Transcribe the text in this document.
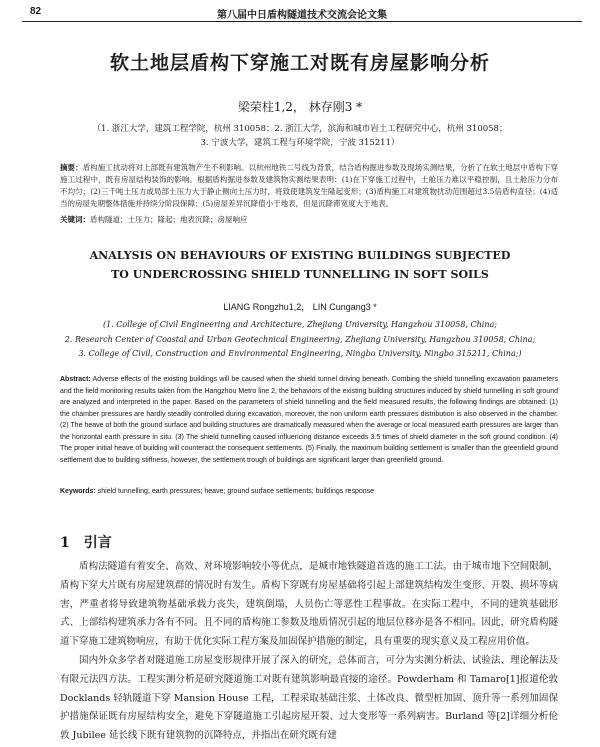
82	第八届中日盾构隧道技术交流会论文集
软土地层盾构下穿施工对既有房屋影响分析
梁荣柱1,2， 林存刚3 *
（1. 浙江大学，建筑工程学院，杭州 310058；2. 浙江大学，滨海和城市岩土工程研究中心，杭州 310058；
3. 宁波大学，建筑工程与环境学院，宁波 315211）
摘要：盾构施工扰动将对上部既有建筑物产生不利影响。以杭州地铁二号线为背景，结合盾构掘进参数及现场实测结果，分析了在软土地层中盾构下穿施工过程中，既有房屋结构装饰的影响。根据盾构掘进参数及建筑物实测结果表明：(1)在下穿施工过程中，土舱压力难以平稳控制，且土舱压力分布不均匀；(2)三千吨土压力或局部土压力大于静止侧向土压力时，将致使建筑发生隆起变形；(3)盾构施工对建筑物扰动范围超过3.5倍盾构直径；(4)适当的房屋先期整体措施并持续分阶段保障；(5)房屋差异沉降值小于地表，但是沉降滞宽度大于地表。
关键词：盾构隧道；土压力；隆起；地表沉降；房屋响应
ANALYSIS ON BEHAVIOURS OF EXISTING BUILDINGS SUBJECTED
TO UNDERCROSSING SHIELD TUNNELLING IN SOFT SOILS
LIANG Rongzhu1,2， LIN Cungang3 *
(1. College of Civil Engineering and Architecture, Zhejiang University, Hangzhou 310058, China;
2. Research Center of Coastal and Urban Geotechnical Engineering, Zhejiang University, Hangzhou 310058, China;
3. College of Civil, Construction and Environmental Engineering, Ningbo University, Ningbo 315211, China;)
Abstract: Adverse effects of the existing buildings will be caused when the shield tunnel driving beneath. Combing the shield tunnelling excavation parameters and the field monitoring results taken from the Hangzhou Metro line 2, the behaviors of the existing building structures induced by shield tunnelling in soft ground are analyzed and interpreted in the paper. Based on the parameters of shield tunnelling and the field measured results, the following findings are obtained: (1) the chamber pressures are hardly steadily controlled during excavation, moreover, the non uniform earth pressures distribution is also observed in the chamber. (2) The heave of both the ground surface and building structures are dramatically measured when the average or local measured earth pressures are larger than the horizontal earth pressure in situ. (3) The shield tunnelling caused influencing distance exceeds 3.5 times of shield diameter in the soft ground condition. (4) The proper initial heave of building will counteract the consequent settlements. (5) Finally, the maximum building settlement is smaller than the greenfield ground settlement due to building stiffness, however, the settlement trough of buildings are significant larger than greenfield ground.
Keywords: shield tunnelling; earth pressures; heave; ground surface settlements; buildings response
1 引言

盾构法隧道有着安全、高效、对环境影响较小等优点，是城市地铁隧道首选的施工工法。由于城市地下空间限制，盾构下穿大片既有房屋建筑群的情况时有发生。盾构下穿既有房屋基础将引起上部建筑结构发生变形、开裂、损坏等病害，严重者将导致建筑物基础承载力丧失，建筑倒塌，人员伤亡等恶性工程事故。在实际工程中，不同的建筑基础形式、上部结构建筑承力各有不同。且不同的盾构施工参数及地质情况引起的地层位移亦是各不相同。因此，研究盾构隧道下穿施工建筑物响应，有助于优化实际工程方案及加固保护措施的制定，具有重要的现实意义及工程应用价值。

国内外众多学者对隧道施工房屋变形规律开展了深入的研究，总体而言，可分为实测分析法、试验法、理论解法及有限元法四方法。工程实测分析是研究隧道施工对既有建筑影响最直接的途径。Powderham 和 Tamaro[1]报道伦敦 Docklands 轻轨隧道下穿 Mansion House 工程，工程采取基础注浆、土体改良、微型桩加固、顶升等一系列加固保护措施保证既有房屋结构安全，避免下穿隧道施工引起房屋开裂、过大变形等一系列病害。Burland 等[2]详细分析伦敦 Jubilee 延长线下既有建筑物的沉降特点，并指出在研究既有建
